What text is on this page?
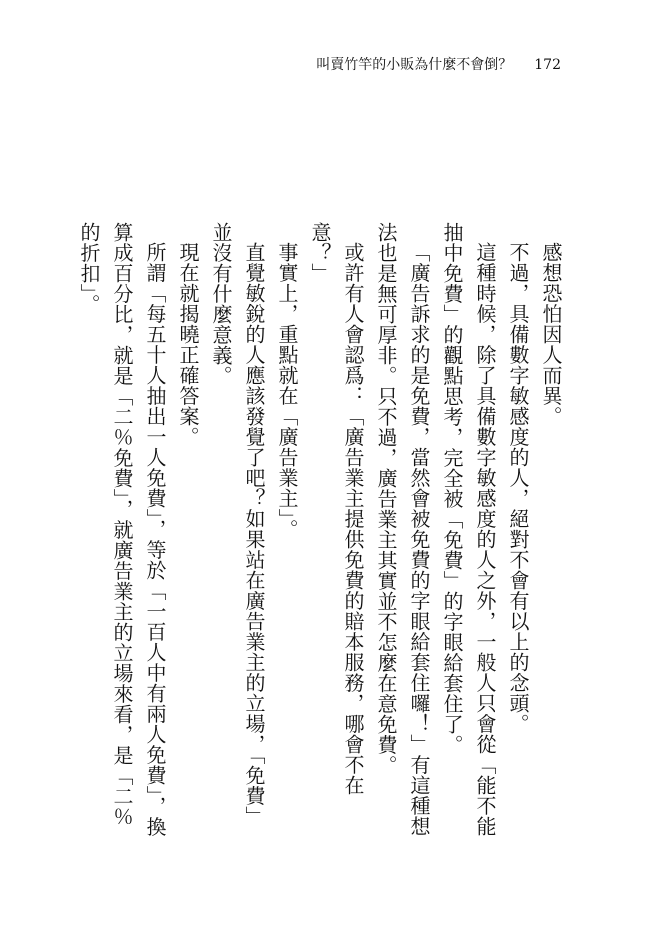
叫賣竹竿的小販為什麼不會倒？ 172

感想恐怕因人而異。

不過，具備數字敏感度的人，絕對不會有以上的念頭。

這種時候，除了具備數字敏感度的人之外，一般人只會從「能不能抽中免費」的觀點思考，完全被「免費」的字眼給套住了。

「廣告訴求的是免費，當然會被免費的字眼給套住囉！」有這種想法也是無可厚非。只不過，廣告業主其實並不怎麼在意免費。

或許有人會認爲：「廣告業主提供免費的賠本服務，哪會不在意？」

事實上，重點就在「廣告業主」。

直覺敏銳的人應該發覺了吧？如果站在廣告業主的立場，「免費」並沒有什麼意義。

現在就揭曉正確答案。

所謂「每五十人抽出一人免費」，等於「一百人中有兩人免費」，換算成百分比，就是「二％免費」，就廣告業主的立場來看，是「二％的折扣」。
